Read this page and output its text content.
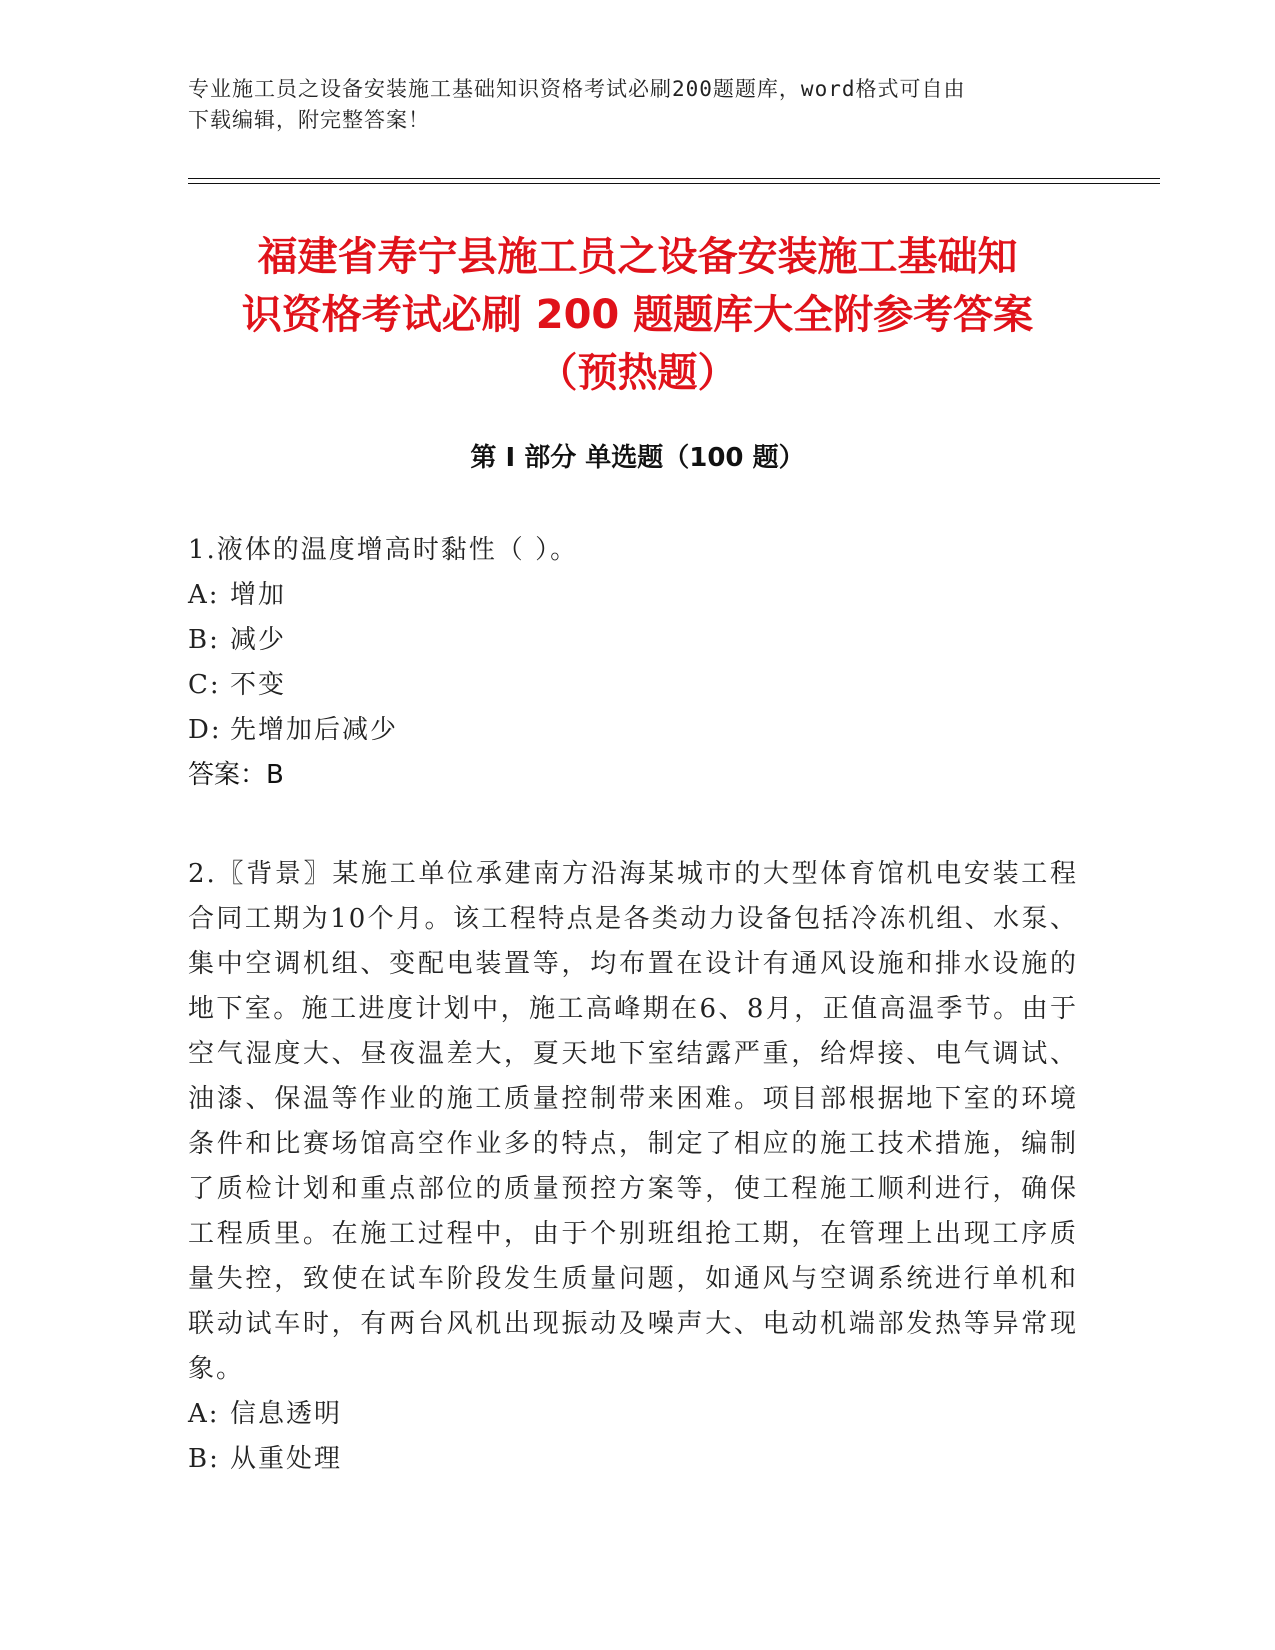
专业施工员之设备安装施工基础知识资格考试必刷200题题库，word格式可自由
下载编辑，附完整答案！
福建省寿宁县施工员之设备安装施工基础知
识资格考试必刷 200 题题库大全附参考答案
（预热题）
第 I 部分 单选题（100 题）
1.液体的温度增高时黏性（ ）。
A: 增加
B: 减少
C: 不变
D: 先增加后减少
答案：B
2.〖背景〗某施工单位承建南方沿海某城市的大型体育馆机电安装工程合同工期为10个月。该工程特点是各类动力设备包括冷冻机组、水泵、集中空调机组、变配电装置等，均布置在设计有通风设施和排水设施的地下室。施工进度计划中，施工高峰期在6、8月，正值高温季节。由于空气湿度大、昼夜温差大，夏天地下室结露严重，给焊接、电气调试、油漆、保温等作业的施工质量控制带来困难。项目部根据地下室的环境条件和比赛场馆高空作业多的特点，制定了相应的施工技术措施，编制了质检计划和重点部位的质量预控方案等，使工程施工顺利进行，确保工程质里。在施工过程中，由于个别班组抢工期，在管理上出现工序质量失控，致使在试车阶段发生质量问题，如通风与空调系统进行单机和联动试车时，有两台风机出现振动及噪声大、电动机端部发热等异常现象。
A: 信息透明
B: 从重处理
